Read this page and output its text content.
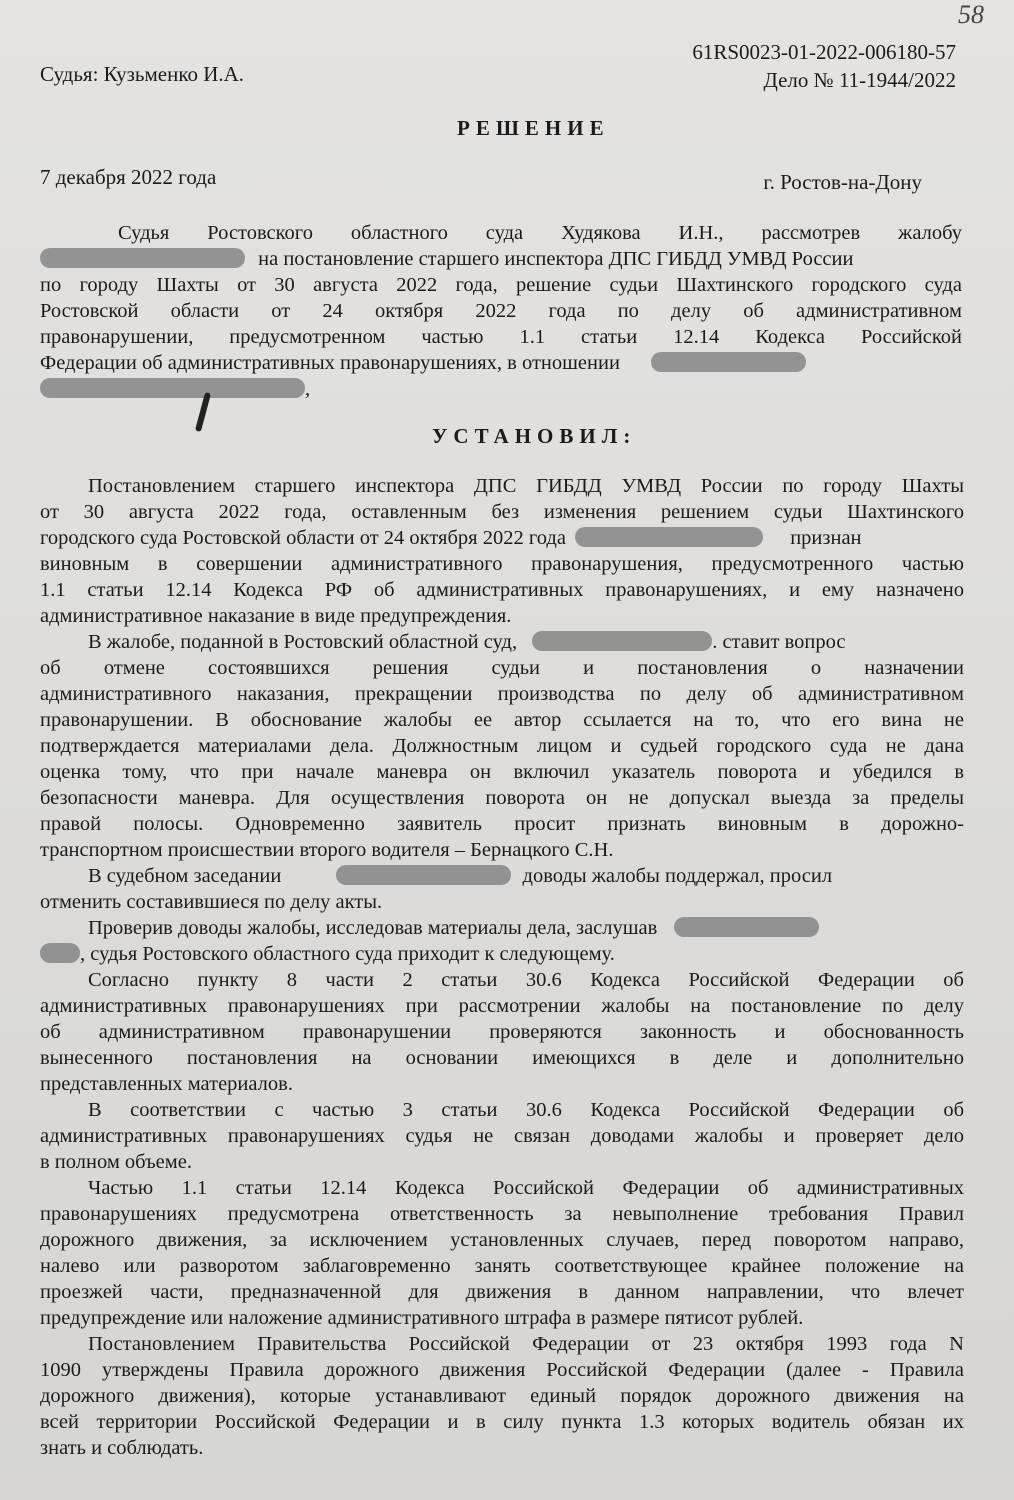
58
Судья: Кузьменко И.А.
61RS0023-01-2022-006180-57
Дело № 11-1944/2022
РЕШЕНИЕ
7 декабря 2022 года	г. Ростов-на-Дону
Судья Ростовского областного суда Худякова И.Н., рассмотрев жалобу
на постановление старшего инспектора ДПС ГИБДД УМВД России
по городу Шахты от 30 августа 2022 года, решение судьи Шахтинского городского суда
Ростовской области от 24 октября 2022 года по делу об административном
правонарушении, предусмотренном частью 1.1 статьи 12.14 Кодекса Российской
Федерации об административных правонарушениях, в отношении
,
УСТАНОВИЛ:
Постановлением старшего инспектора ДПС ГИБДД УМВД России по городу Шахты
от 30 августа 2022 года, оставленным без изменения решением судьи Шахтинского
городского суда Ростовской области от 24 октября 2022 года	признан
виновным в совершении административного правонарушения, предусмотренного частью
1.1 статьи 12.14 Кодекса РФ об административных правонарушениях, и ему назначено
административное наказание в виде предупреждения.
В жалобе, поданной в Ростовский областной суд,	. ставит вопрос
об отмене состоявшихся решения судьи и постановления о назначении
административного наказания, прекращении производства по делу об административном
правонарушении. В обоснование жалобы ее автор ссылается на то, что его вина не
подтверждается материалами дела. Должностным лицом и судьей городского суда не дана
оценка тому, что при начале маневра он включил указатель поворота и убедился в
безопасности маневра. Для осуществления поворота он не допускал выезда за пределы
правой полосы. Одновременно заявитель просит признать виновным в дорожно-
транспортном происшествии второго водителя – Бернацкого С.Н.
В судебном заседании	доводы жалобы поддержал, просил
отменить составившиеся по делу акты.
Проверив доводы жалобы, исследовав материалы дела, заслушав
, судья Ростовского областного суда приходит к следующему.
Согласно пункту 8 части 2 статьи 30.6 Кодекса Российской Федерации об
административных правонарушениях при рассмотрении жалобы на постановление по делу
об административном правонарушении проверяются законность и обоснованность
вынесенного постановления на основании имеющихся в деле и дополнительно
представленных материалов.
В соответствии с частью 3 статьи 30.6 Кодекса Российской Федерации об
административных правонарушениях судья не связан доводами жалобы и проверяет дело
в полном объеме.
Частью 1.1 статьи 12.14 Кодекса Российской Федерации об административных
правонарушениях предусмотрена ответственность за невыполнение требования Правил
дорожного движения, за исключением установленных случаев, перед поворотом направо,
налево или разворотом заблаговременно занять соответствующее крайнее положение на
проезжей части, предназначенной для движения в данном направлении, что влечет
предупреждение или наложение административного штрафа в размере пятисот рублей.
Постановлением Правительства Российской Федерации от 23 октября 1993 года N
1090 утверждены Правила дорожного движения Российской Федерации (далее - Правила
дорожного движения), которые устанавливают единый порядок дорожного движения на
всей территории Российской Федерации и в силу пункта 1.3 которых водитель обязан их
знать и соблюдать.
